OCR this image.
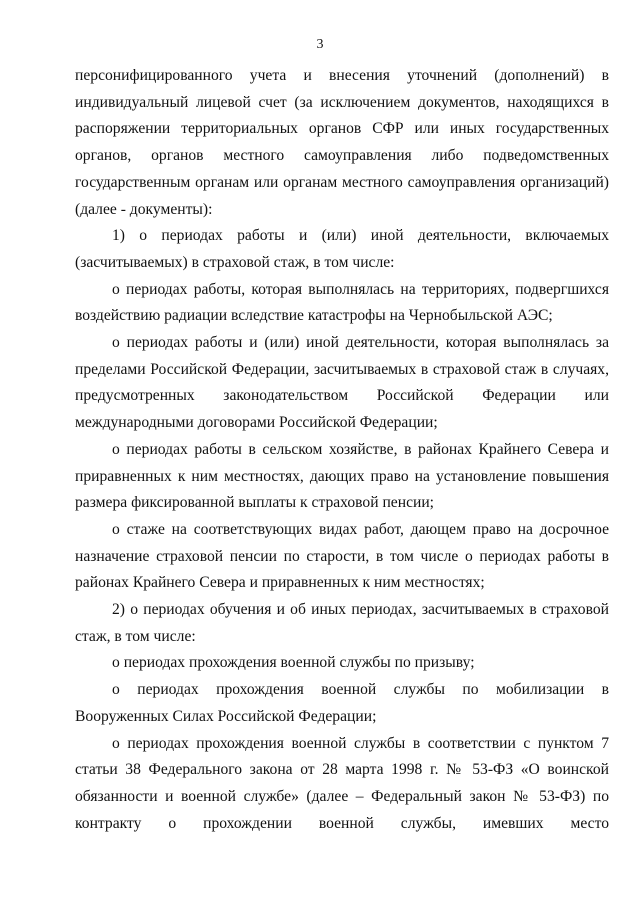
3

персонифицированного учета и внесения уточнений (дополнений) в индивидуальный лицевой счет (за исключением документов, находящихся в распоряжении территориальных органов СФР или иных государственных органов, органов местного самоуправления либо подведомственных государственным органам или органам местного самоуправления организаций) (далее - документы):

1) о периодах работы и (или) иной деятельности, включаемых (засчитываемых) в страховой стаж, в том числе:

о периодах работы, которая выполнялась на территориях, подвергшихся воздействию радиации вследствие катастрофы на Чернобыльской АЭС;

о периодах работы и (или) иной деятельности, которая выполнялась за пределами Российской Федерации, засчитываемых в страховой стаж в случаях, предусмотренных законодательством Российской Федерации или международными договорами Российской Федерации;

о периодах работы в сельском хозяйстве, в районах Крайнего Севера и приравненных к ним местностях, дающих право на установление повышения размера фиксированной выплаты к страховой пенсии;

о стаже на соответствующих видах работ, дающем право на досрочное назначение страховой пенсии по старости, в том числе о периодах работы в районах Крайнего Севера и приравненных к ним местностях;

2) о периодах обучения и об иных периодах, засчитываемых в страховой стаж, в том числе:

о периодах прохождения военной службы по призыву;

о периодах прохождения военной службы по мобилизации в Вооруженных Силах Российской Федерации;

о периодах прохождения военной службы в соответствии с пунктом 7 статьи 38 Федерального закона от 28 марта 1998 г. № 53-ФЗ «О воинской обязанности и военной службе» (далее – Федеральный закон № 53-ФЗ) по контракту о прохождении военной службы, имевших место
